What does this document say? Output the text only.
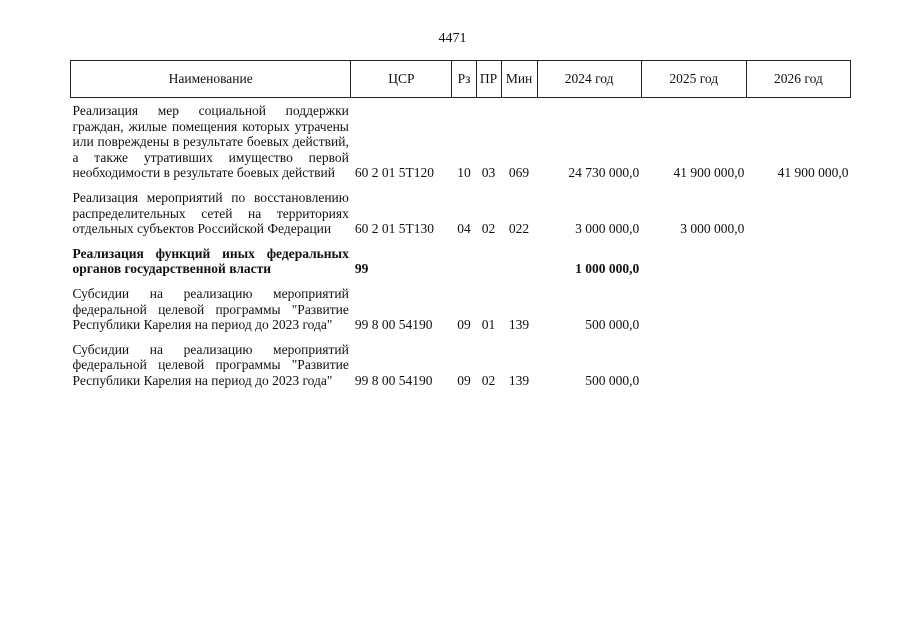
4471
Наименование	ЦСР	Рз	ПР	Мин	2024 год	2025 год	2026 год
Реализация мер социальной поддержки граждан, жилые помещения которых утрачены или повреждены в результате боевых действий, а также утративших имущество первой необходимости в результате боевых действий	60 2 01 5Т120	10	03	069	24 730 000,0	41 900 000,0	41 900 000,0
Реализация мероприятий по восстановлению распределительных сетей на территориях отдельных субъектов Российской Федерации	60 2 01 5Т130	04	02	022	3 000 000,0	3 000 000,0	
Реализация функций иных федеральных органов государственной власти	99				1 000 000,0		
Субсидии на реализацию мероприятий федеральной целевой программы "Развитие Республики Карелия на период до 2023 года"	99 8 00 54190	09	01	139	500 000,0		
Субсидии на реализацию мероприятий федеральной целевой программы "Развитие Республики Карелия на период до 2023 года"	99 8 00 54190	09	02	139	500 000,0		
